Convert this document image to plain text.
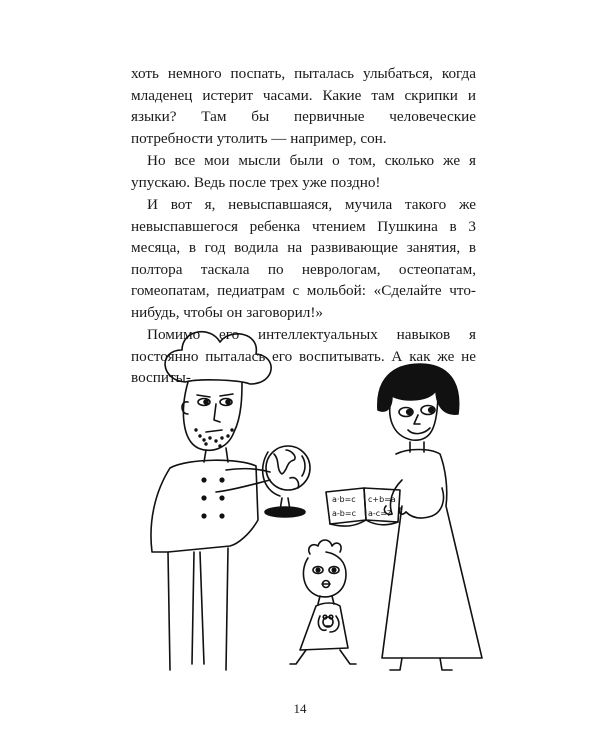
хоть немного поспать, пыталась улыбаться, когда младенец истерит часами. Какие там скрипки и языки? Там бы первичные человеческие потребности утолить — например, сон.

Но все мои мысли были о том, сколько же я упускаю. Ведь после трех уже поздно!

И вот я, невыспавшаяся, мучила такого же невыспавшегося ребенка чтением Пушкина в 3 месяца, в год водила на развивающие занятия, в полтора таскала по неврологам, остеопатам, гомеопатам, педиатрам с мольбой: «Сделайте что-нибудь, чтобы он заговорил!»

Помимо его интеллектуальных навыков я постоянно пыталась его воспитывать. А как же не воспиты-

a·b=c
a-b=c
c+b=a
a-c=?
14
